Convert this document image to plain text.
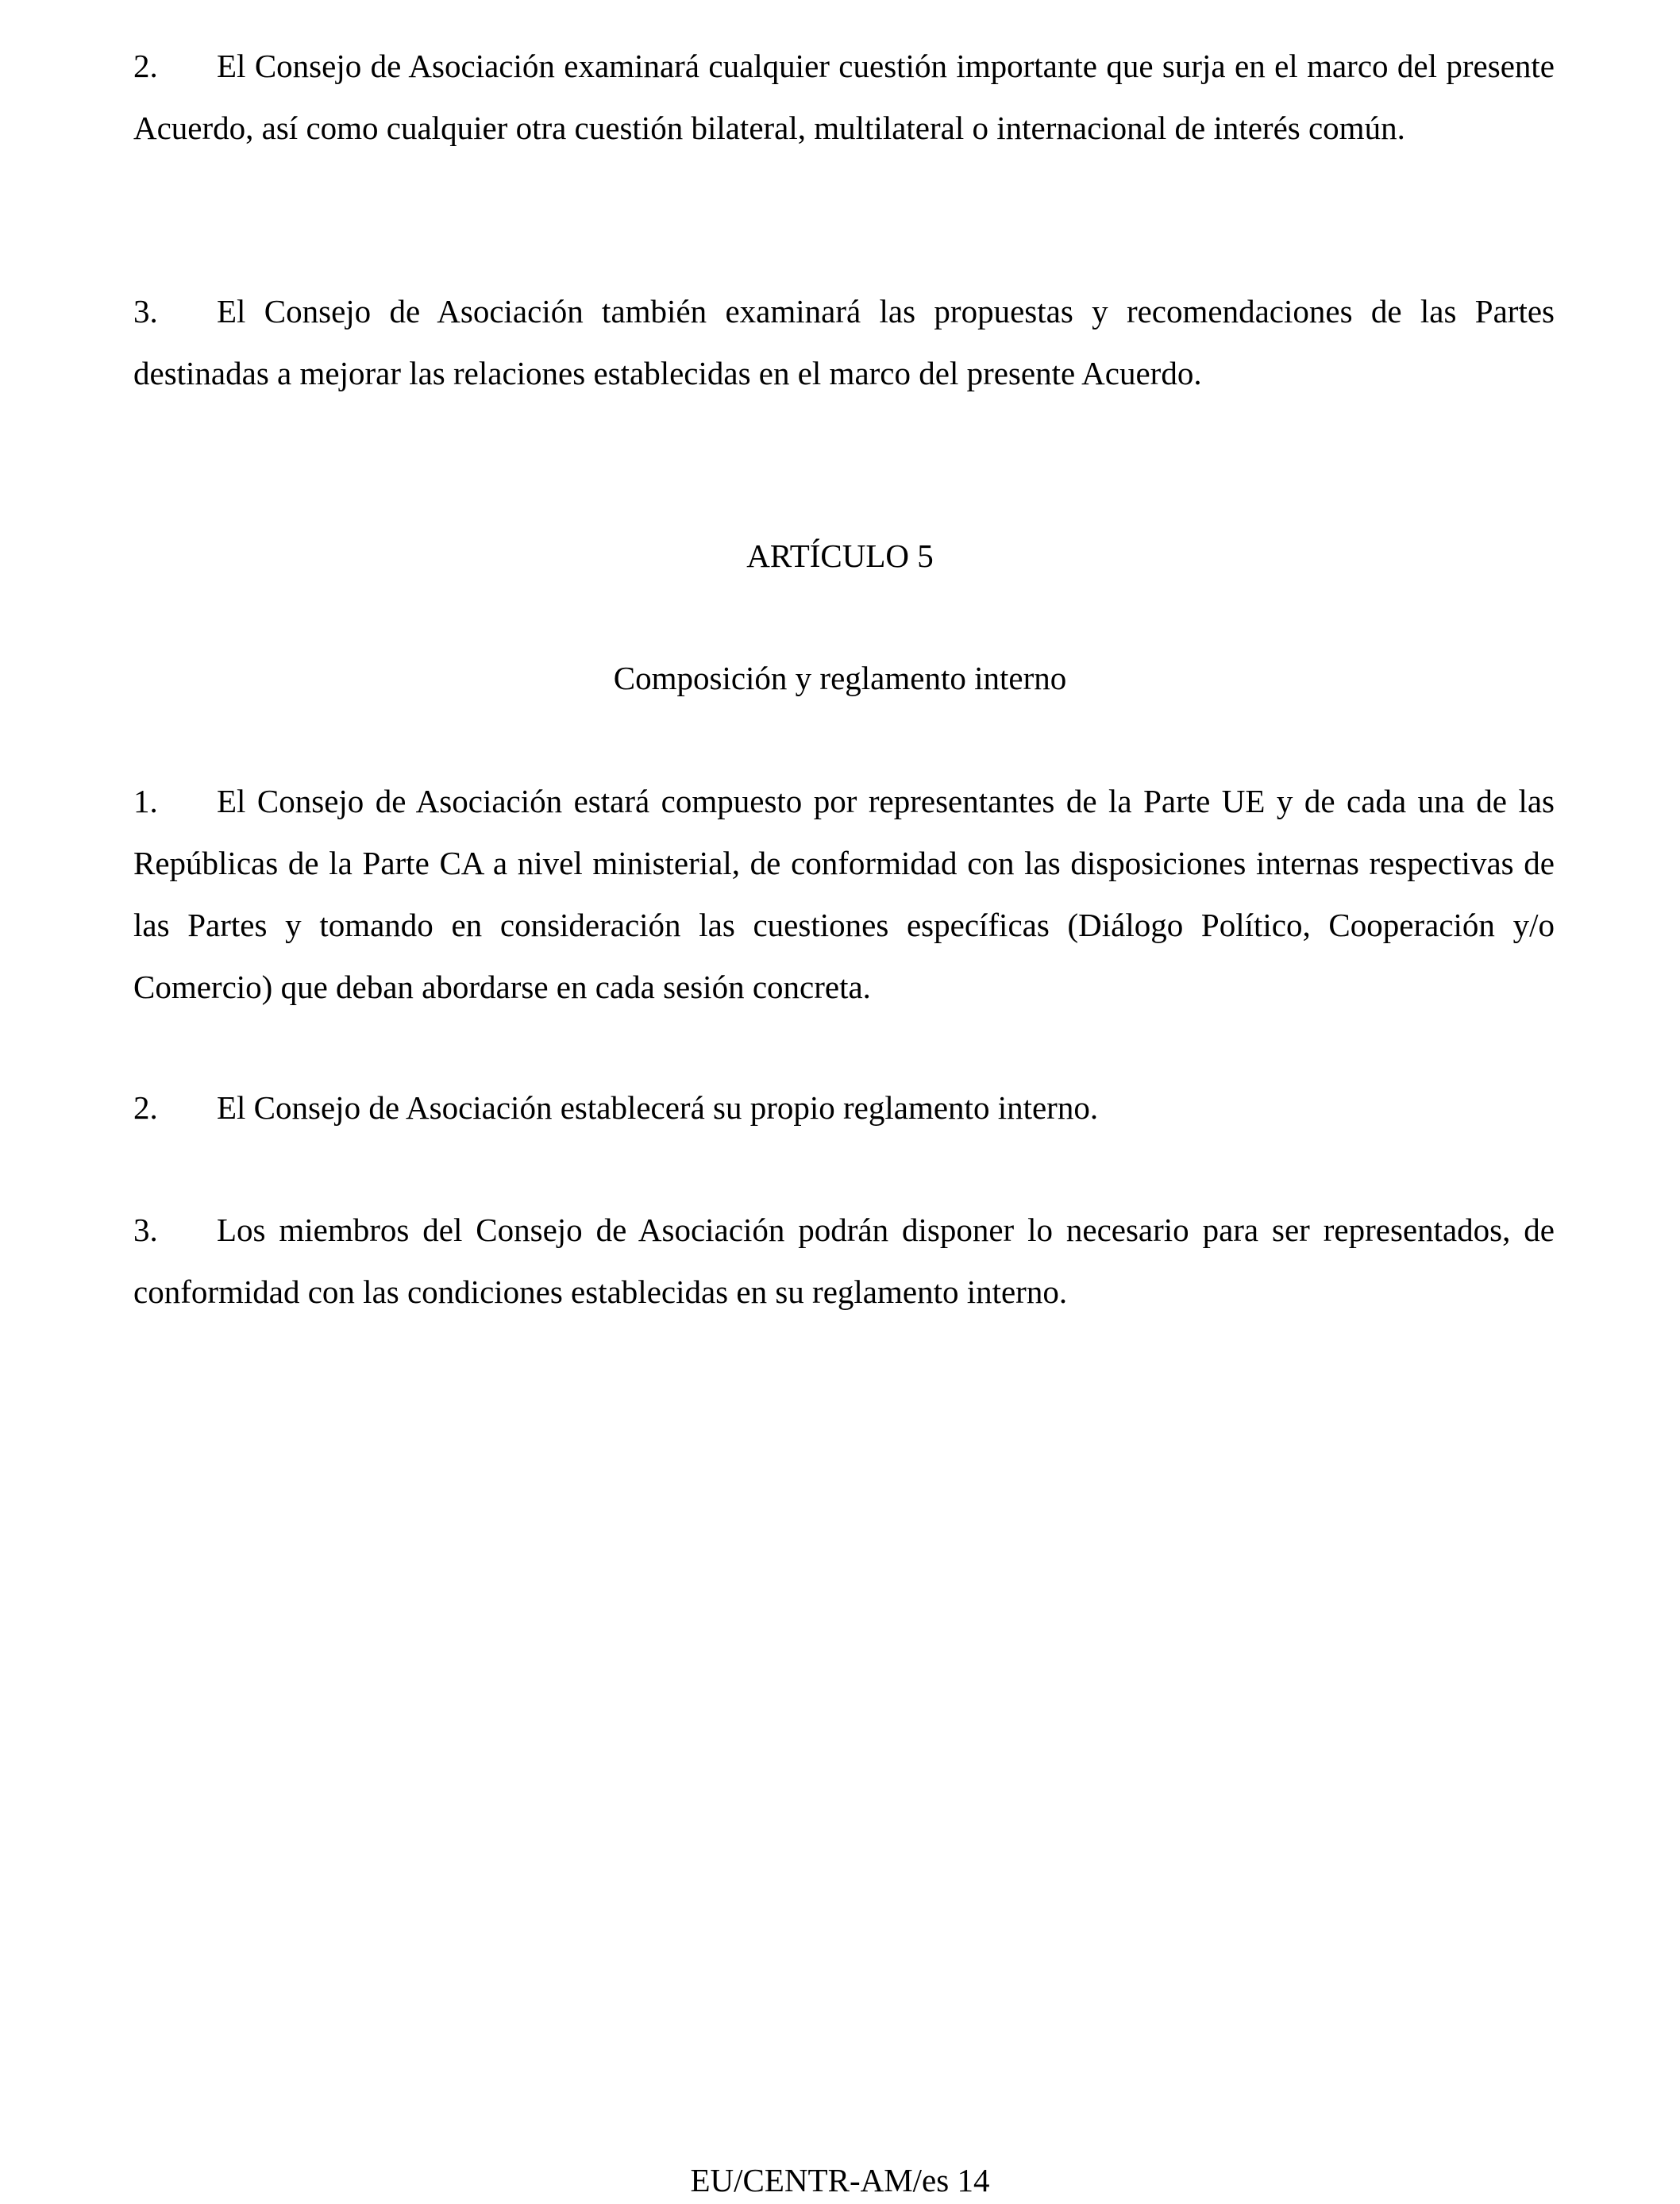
2. El Consejo de Asociación examinará cualquier cuestión importante que surja en el marco del presente Acuerdo, así como cualquier otra cuestión bilateral, multilateral o internacional de interés común.

3. El Consejo de Asociación también examinará las propuestas y recomendaciones de las Partes destinadas a mejorar las relaciones establecidas en el marco del presente Acuerdo.

ARTÍCULO 5
Composición y reglamento interno

1. El Consejo de Asociación estará compuesto por representantes de la Parte UE y de cada una de las Repúblicas de la Parte CA a nivel ministerial, de conformidad con las disposiciones internas respectivas de las Partes y tomando en consideración las cuestiones específicas (Diálogo Político, Cooperación y/o Comercio) que deban abordarse en cada sesión concreta.

2. El Consejo de Asociación establecerá su propio reglamento interno.

3. Los miembros del Consejo de Asociación podrán disponer lo necesario para ser representados, de conformidad con las condiciones establecidas en su reglamento interno.

EU/CENTR-AM/es 14
